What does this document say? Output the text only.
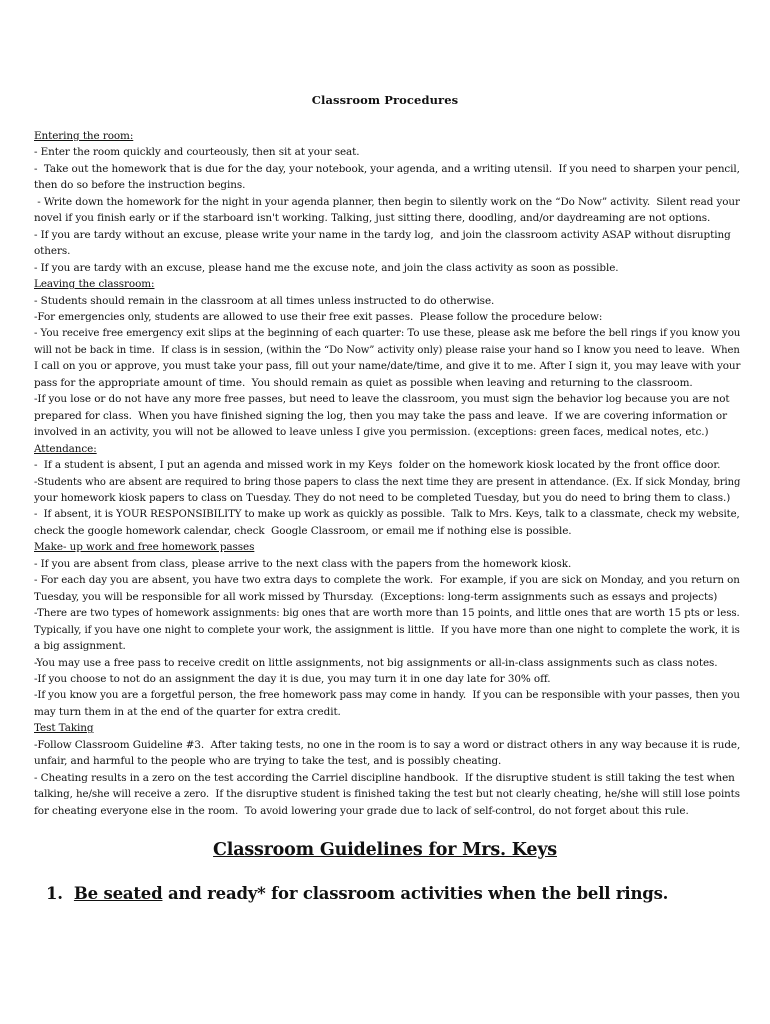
Classroom Procedures
Entering the room:
- Enter the room quickly and courteously, then sit at your seat.
-  Take out the homework that is due for the day, your notebook, your agenda, and a writing utensil.  If you need to sharpen your pencil,
then do so before the instruction begins.
- Write down the homework for the night in your agenda planner, then begin to silently work on the “Do Now” activity.  Silent read your
novel if you finish early or if the starboard isn't working. Talking, just sitting there, doodling, and/or daydreaming are not options.
- If you are tardy without an excuse, please write your name in the tardy log,  and join the classroom activity ASAP without disrupting
others.
- If you are tardy with an excuse, please hand me the excuse note, and join the class activity as soon as possible.
Leaving the classroom:
- Students should remain in the classroom at all times unless instructed to do otherwise.
-For emergencies only, students are allowed to use their free exit passes.  Please follow the procedure below:
- You receive free emergency exit slips at the beginning of each quarter: To use these, please ask me before the bell rings if you know you
will not be back in time.  If class is in session, (within the “Do Now” activity only) please raise your hand so I know you need to leave.  When
I call on you or approve, you must take your pass, fill out your name/date/time, and give it to me. After I sign it, you may leave with your
pass for the appropriate amount of time.  You should remain as quiet as possible when leaving and returning to the classroom.
-If you lose or do not have any more free passes, but need to leave the classroom, you must sign the behavior log because you are not
prepared for class.  When you have finished signing the log, then you may take the pass and leave.  If we are covering information or
involved in an activity, you will not be allowed to leave unless I give you permission. (exceptions: green faces, medical notes, etc.)
Attendance:
-  If a student is absent, I put an agenda and missed work in my Keys  folder on the homework kiosk located by the front office door.
-Students who are absent are required to bring those papers to class the next time they are present in attendance. (Ex. If sick Monday, bring
your homework kiosk papers to class on Tuesday. They do not need to be completed Tuesday, but you do need to bring them to class.)
-  If absent, it is YOUR RESPONSIBILITY to make up work as quickly as possible.  Talk to Mrs. Keys, talk to a classmate, check my website,
check the google homework calendar, check  Google Classroom, or email me if nothing else is possible.
Make- up work and free homework passes
- If you are absent from class, please arrive to the next class with the papers from the homework kiosk.
- For each day you are absent, you have two extra days to complete the work.  For example, if you are sick on Monday, and you return on
Tuesday, you will be responsible for all work missed by Thursday.  (Exceptions: long-term assignments such as essays and projects)
-There are two types of homework assignments: big ones that are worth more than 15 points, and little ones that are worth 15 pts or less.
Typically, if you have one night to complete your work, the assignment is little.  If you have more than one night to complete the work, it is
a big assignment.
-You may use a free pass to receive credit on little assignments, not big assignments or all-in-class assignments such as class notes.
-If you choose to not do an assignment the day it is due, you may turn it in one day late for 30% off.
-If you know you are a forgetful person, the free homework pass may come in handy.  If you can be responsible with your passes, then you
may turn them in at the end of the quarter for extra credit.
Test Taking
-Follow Classroom Guideline #3.  After taking tests, no one in the room is to say a word or distract others in any way because it is rude,
unfair, and harmful to the people who are trying to take the test, and is possibly cheating.
- Cheating results in a zero on the test according the Carriel discipline handbook.  If the disruptive student is still taking the test when
talking, he/she will receive a zero.  If the disruptive student is finished taking the test but not clearly cheating, he/she will still lose points
for cheating everyone else in the room.  To avoid lowering your grade due to lack of self-control, do not forget about this rule.
Classroom Guidelines for Mrs. Keys
1. Be seated and ready* for classroom activities when the bell rings.
